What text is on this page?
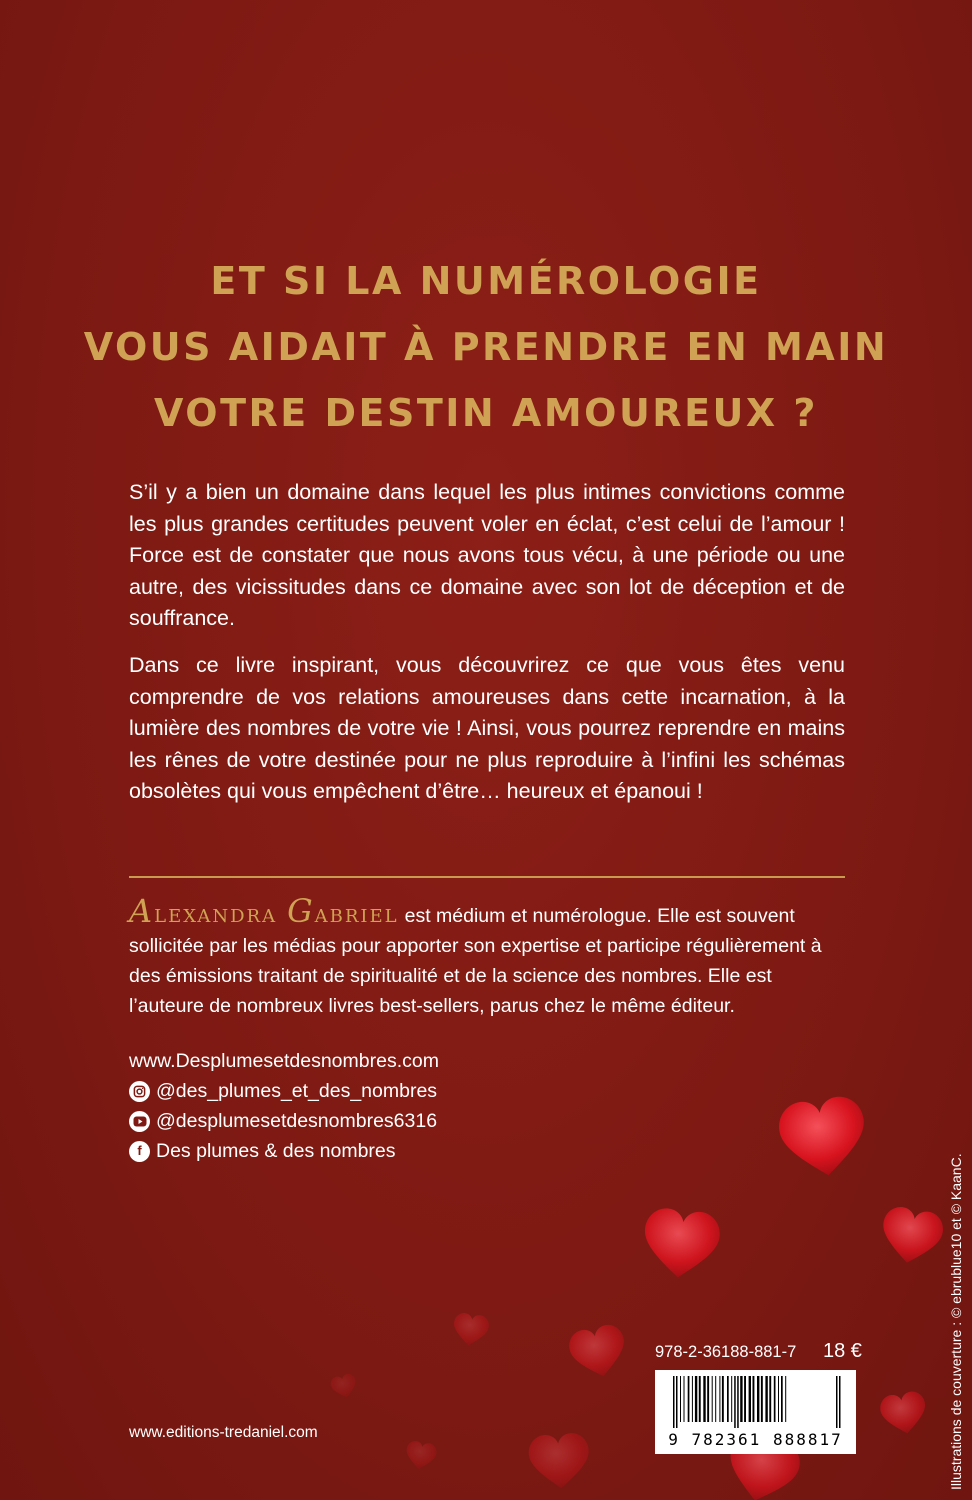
ET SI LA NUMÉROLOGIE
VOUS AIDAIT À PRENDRE EN MAIN
VOTRE DESTIN AMOUREUX ?

S’il y a bien un domaine dans lequel les plus intimes convictions comme les plus grandes certitudes peuvent voler en éclat, c’est celui de l’amour ! Force est de constater que nous avons tous vécu, à une période ou une autre, des vicissitudes dans ce domaine avec son lot de déception et de souffrance.

Dans ce livre inspirant, vous découvrirez ce que vous êtes venu comprendre de vos relations amoureuses dans cette incarnation, à la lumière des nombres de votre vie ! Ainsi, vous pourrez reprendre en mains les rênes de votre destinée pour ne plus reproduire à l’infini les schémas obsolètes qui vous empêchent d’être… heureux et épanoui !

Alexandra Gabriel est médium et numérologue. Elle est souvent sollicitée par les médias pour apporter son expertise et participe régulièrement à des émissions traitant de spiritualité et de la science des nombres. Elle est l’auteure de nombreux livres best-sellers, parus chez le même éditeur.
www.Desplumesetdesnombres.com
@des_plumes_et_des_nombres
@desplumesetdesnombres6316
f Des plumes & des nombres
Illustrations de couverture : © ebrublue10 et © KaanC.
978-2-36188-881-7 18 €
9 782361 888817
www.editions-tredaniel.com
